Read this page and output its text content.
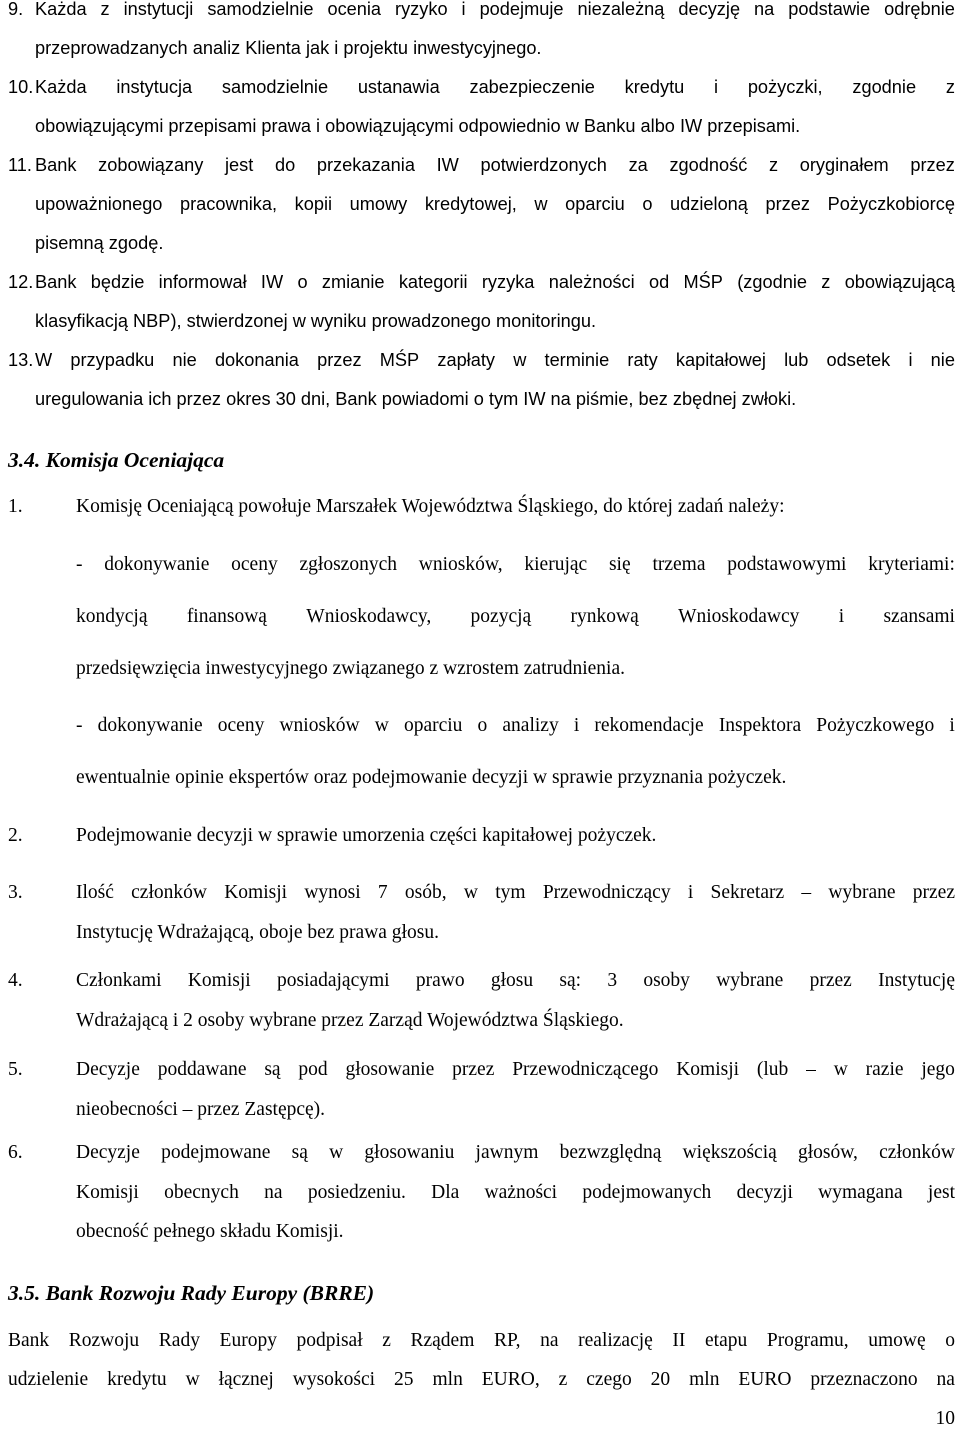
9. Każda z instytucji samodzielnie ocenia ryzyko i podejmuje niezależną decyzję na podstawie odrębnie
przeprowadzanych analiz Klienta jak i projektu inwestycyjnego.
10. Każda instytucja samodzielnie ustanawia zabezpieczenie kredytu i pożyczki, zgodnie z
obowiązującymi przepisami prawa i obowiązującymi odpowiednio w Banku albo IW przepisami.
11. Bank zobowiązany jest do przekazania IW potwierdzonych za zgodność z oryginałem przez
upoważnionego pracownika, kopii umowy kredytowej, w oparciu o udzieloną przez Pożyczkobiorcę
pisemną zgodę.
12. Bank będzie informował IW o zmianie kategorii ryzyka należności od MŚP (zgodnie z obowiązującą
klasyfikacją NBP), stwierdzonej w wyniku prowadzonego monitoringu.
13. W przypadku nie dokonania przez MŚP zapłaty w terminie raty kapitałowej lub odsetek i nie
uregulowania ich przez okres 30 dni, Bank powiadomi o tym IW na piśmie, bez zbędnej zwłoki.
3.4. Komisja Oceniająca
1.	Komisję Oceniającą powołuje Marszałek Województwa Śląskiego, do której zadań należy:
- dokonywanie oceny zgłoszonych wniosków, kierując się trzema podstawowymi kryteriami:
kondycją finansową Wnioskodawcy, pozycją rynkową Wnioskodawcy i szansami
przedsięwzięcia inwestycyjnego związanego z wzrostem zatrudnienia.
- dokonywanie oceny wniosków w oparciu o analizy i rekomendacje Inspektora Pożyczkowego i
ewentualnie opinie ekspertów oraz podejmowanie decyzji w sprawie przyznania pożyczek.
2.	Podejmowanie decyzji w sprawie umorzenia części kapitałowej pożyczek.
3.	Ilość członków Komisji wynosi 7 osób, w tym Przewodniczący i Sekretarz – wybrane przez
Instytucję Wdrażającą, oboje bez prawa głosu.
4.	Członkami Komisji posiadającymi prawo głosu są: 3 osoby wybrane przez Instytucję
Wdrażającą i 2 osoby wybrane przez Zarząd Województwa Śląskiego.
5.	Decyzje poddawane są pod głosowanie przez Przewodniczącego Komisji (lub – w razie jego
nieobecności – przez Zastępcę).
6.	Decyzje podejmowane są w głosowaniu jawnym bezwzględną większością głosów, członków
Komisji obecnych na posiedzeniu. Dla ważności podejmowanych decyzji wymagana jest
obecność pełnego składu Komisji.
3.5. Bank Rozwoju Rady Europy (BRRE)
Bank Rozwoju Rady Europy podpisał z Rządem RP, na realizację II etapu Programu, umowę o
udzielenie kredytu w łącznej wysokości 25 mln EURO, z czego 20 mln EURO przeznaczono na
10
